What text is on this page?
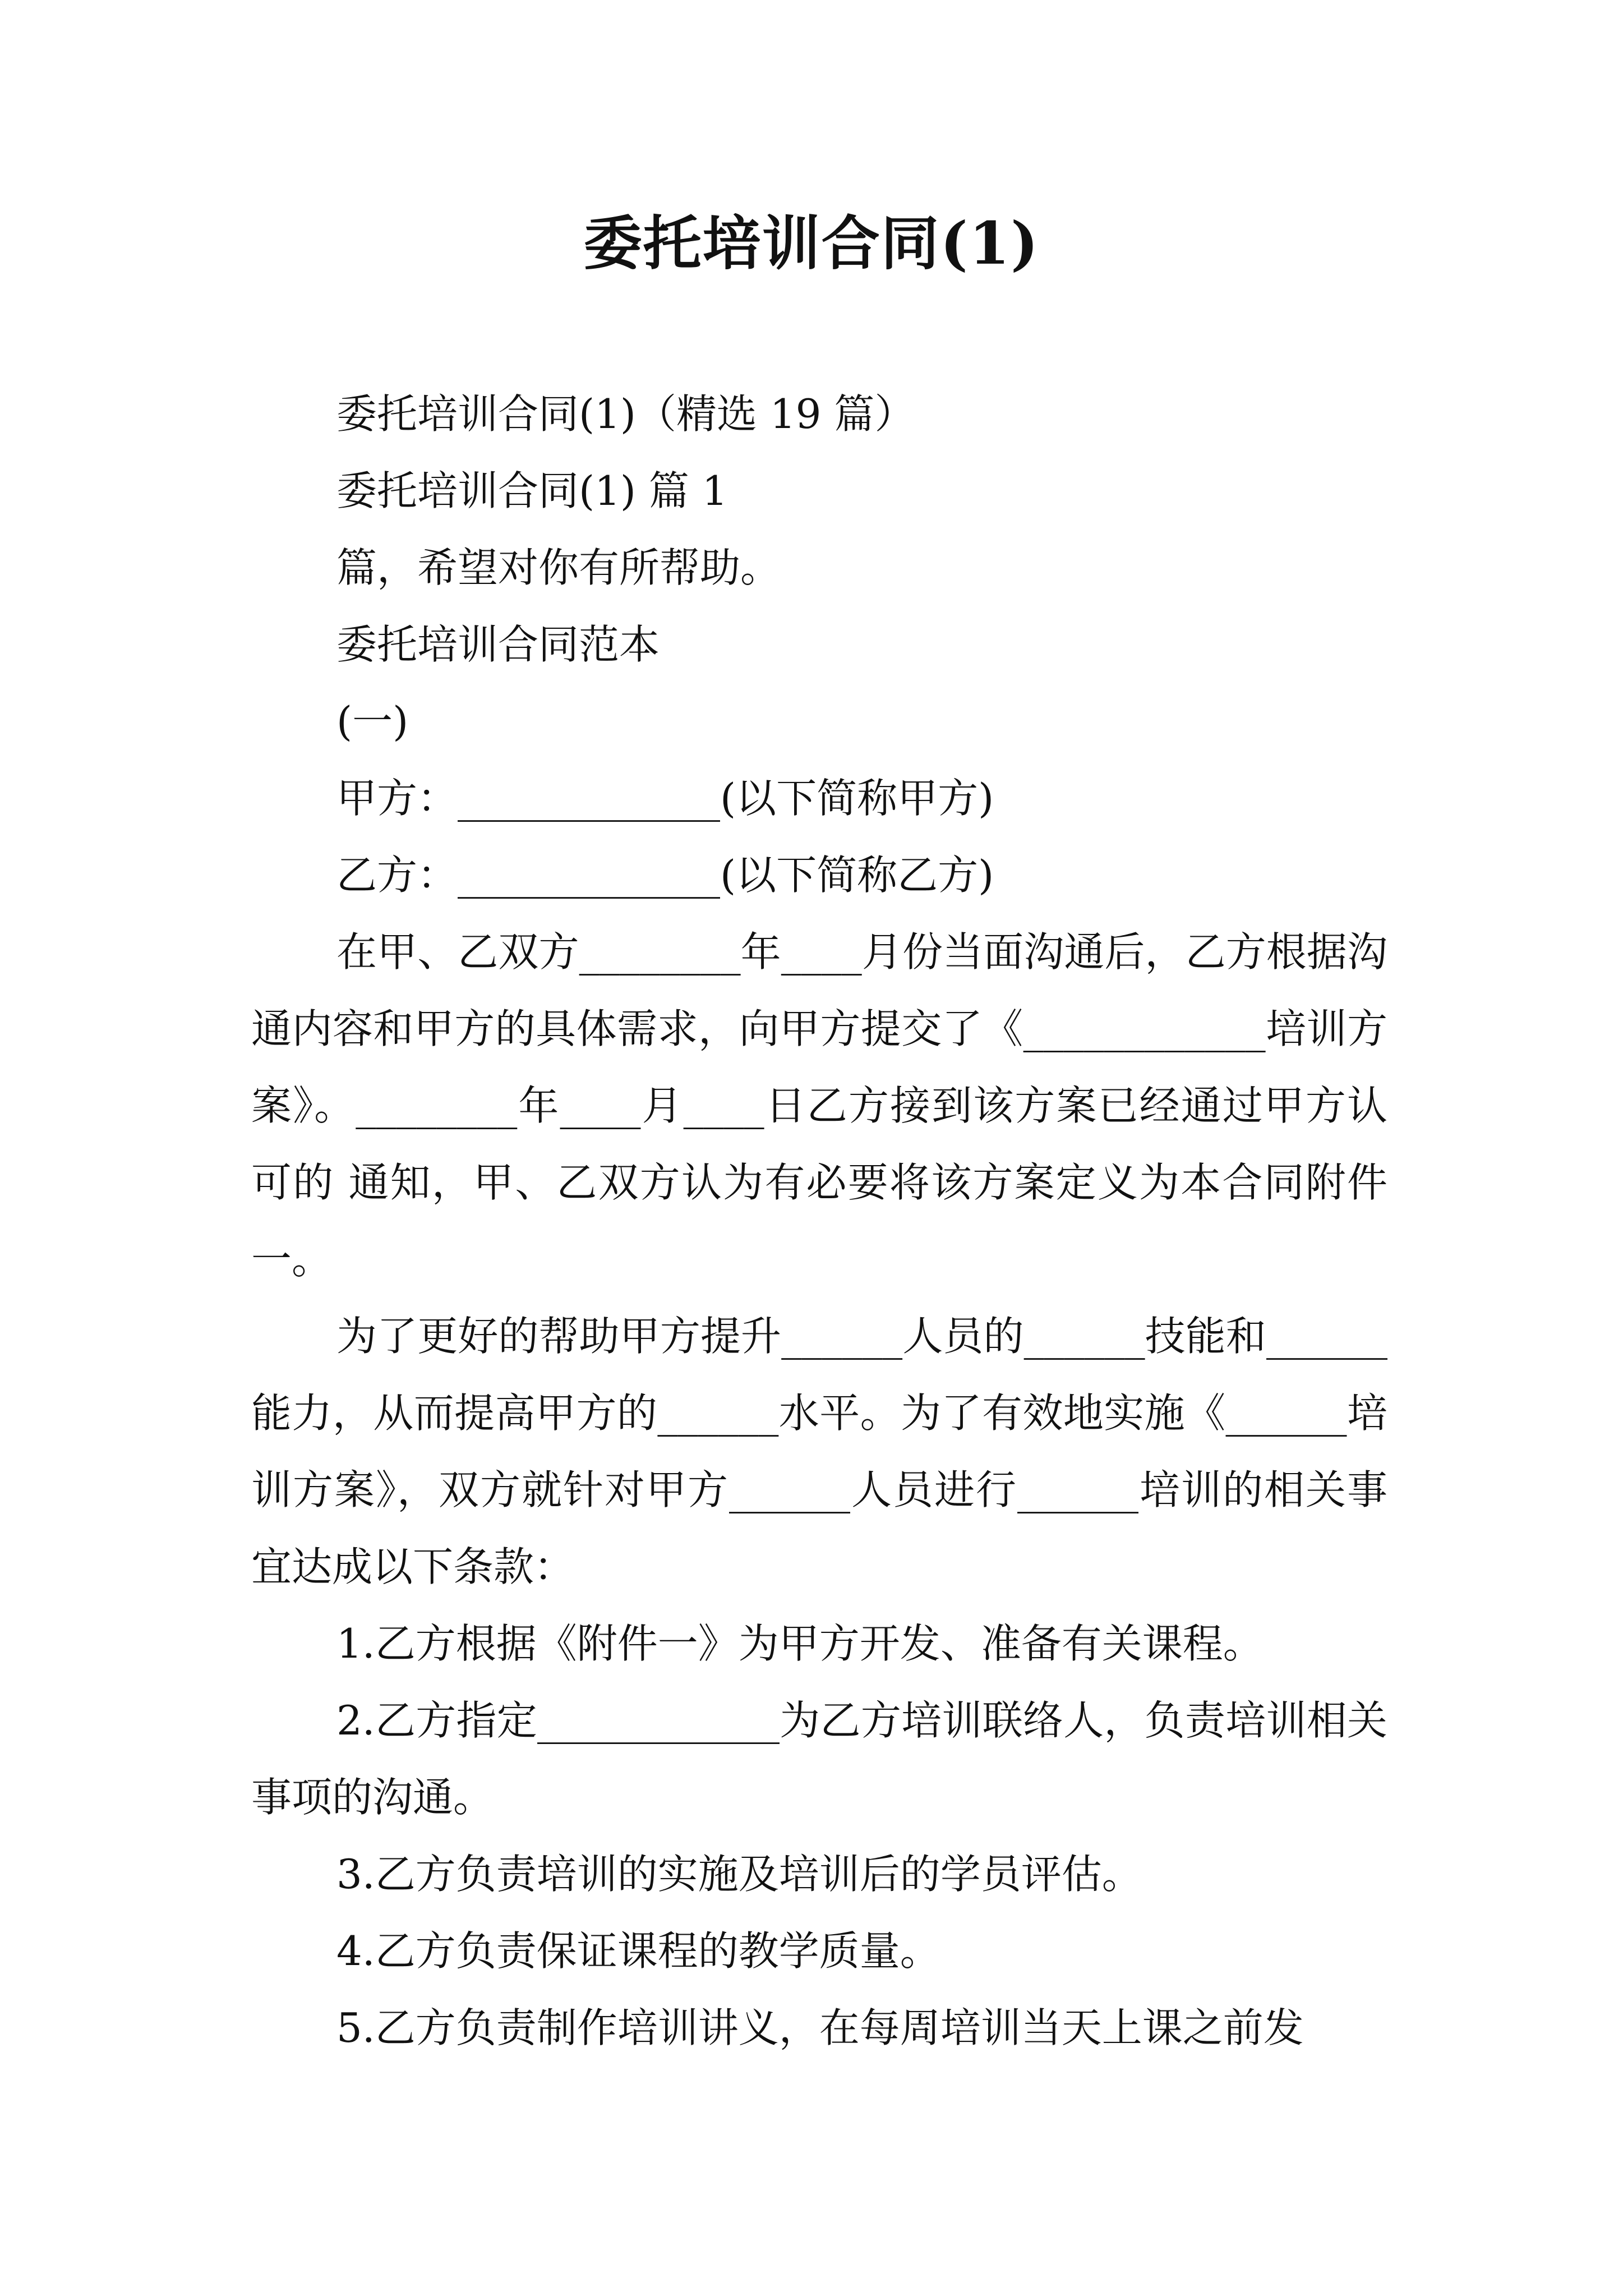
委托培训合同(1)

委托培训合同(1)（精选 19 篇）

委托培训合同(1) 篇 1

篇，希望对你有所帮助。

委托培训合同范本

(一)

甲方：_____________(以下简称甲方)

乙方：_____________(以下简称乙方)

在甲、乙双方________年____月份当面沟通后，乙方根据沟通内容和甲方的具体需求，向甲方提交了《____________培训方案》。________年____月____日乙方接到该方案已经通过甲方认可的 通知，甲、乙双方认为有必要将该方案定义为本合同附件一。

为了更好的帮助甲方提升______人员的______技能和______ 能力，从而提高甲方的______水平。为了有效地实施《______培训方案》，双方就针对甲方______人员进行______培训的相关事宜达成以下条款：

1.乙方根据《附件一》为甲方开发、准备有关课程。

2.乙方指定____________为乙方培训联络人，负责培训相关事项的沟通。

3.乙方负责培训的实施及培训后的学员评估。

4.乙方负责保证课程的教学质量。

5.乙方负责制作培训讲义，在每周培训当天上课之前发
